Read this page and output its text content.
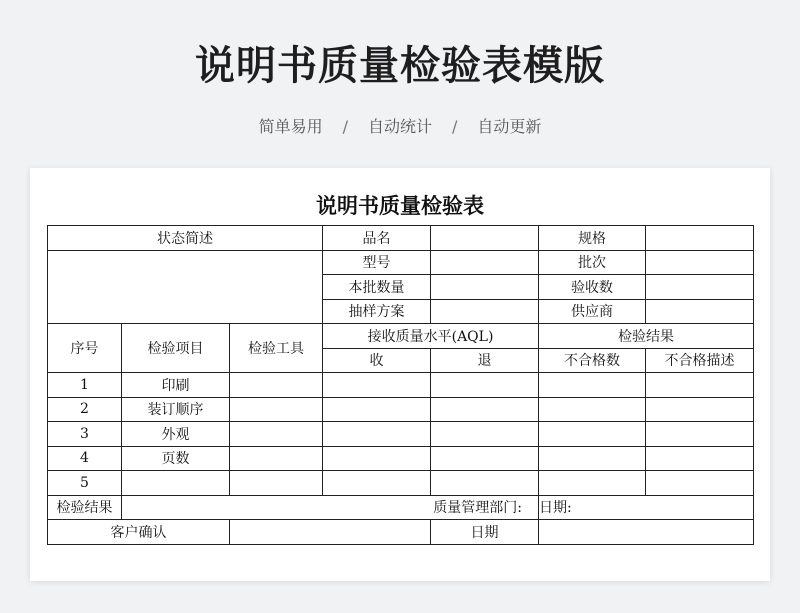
说明书质量检验表模版
简单易用 / 自动统计 / 自动更新
说明书质量检验表
状态简述			品名		规格	
			型号		批次	
			本批数量		验收数	
			抽样方案		供应商	
序号	检验项目	检验工具	接收质量水平(AQL)		检验结果	
			收	退	不合格数	不合格描述
1	印刷					
2	装订顺序					
3	外观					
4	页数					
5						
检验结果	质量管理部门:				日期:	
客户确认				日期		
